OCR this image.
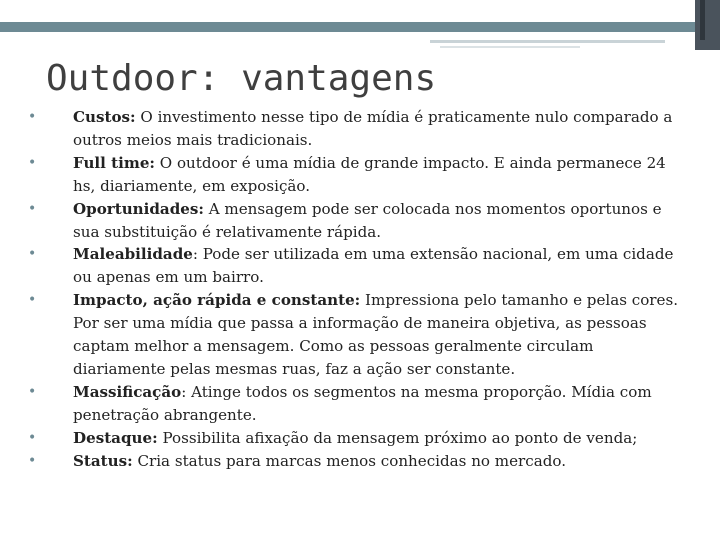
Outdoor: vantagens
• Custos: O investimento nesse tipo de mídia é praticamente nulo comparado a outros meios mais tradicionais.
• Full time: O outdoor é uma mídia de grande impacto. E ainda permanece 24 hs, diariamente, em exposição.
• Oportunidades: A mensagem pode ser colocada nos momentos oportunos e sua substituição é relativamente rápida.
• Maleabilidade: Pode ser utilizada em uma extensão nacional, em uma cidade ou apenas em um bairro.
• Impacto, ação rápida e constante: Impressiona pelo tamanho e pelas cores. Por ser uma mídia que passa a informação de maneira objetiva, as pessoas captam melhor a mensagem. Como as pessoas geralmente circulam diariamente pelas mesmas ruas, faz a ação ser constante.
• Massificação: Atinge todos os segmentos na mesma proporção. Mídia com penetração abrangente.
• Destaque: Possibilita afixação da mensagem próximo ao ponto de venda;
• Status: Cria status para marcas menos conhecidas no mercado.
